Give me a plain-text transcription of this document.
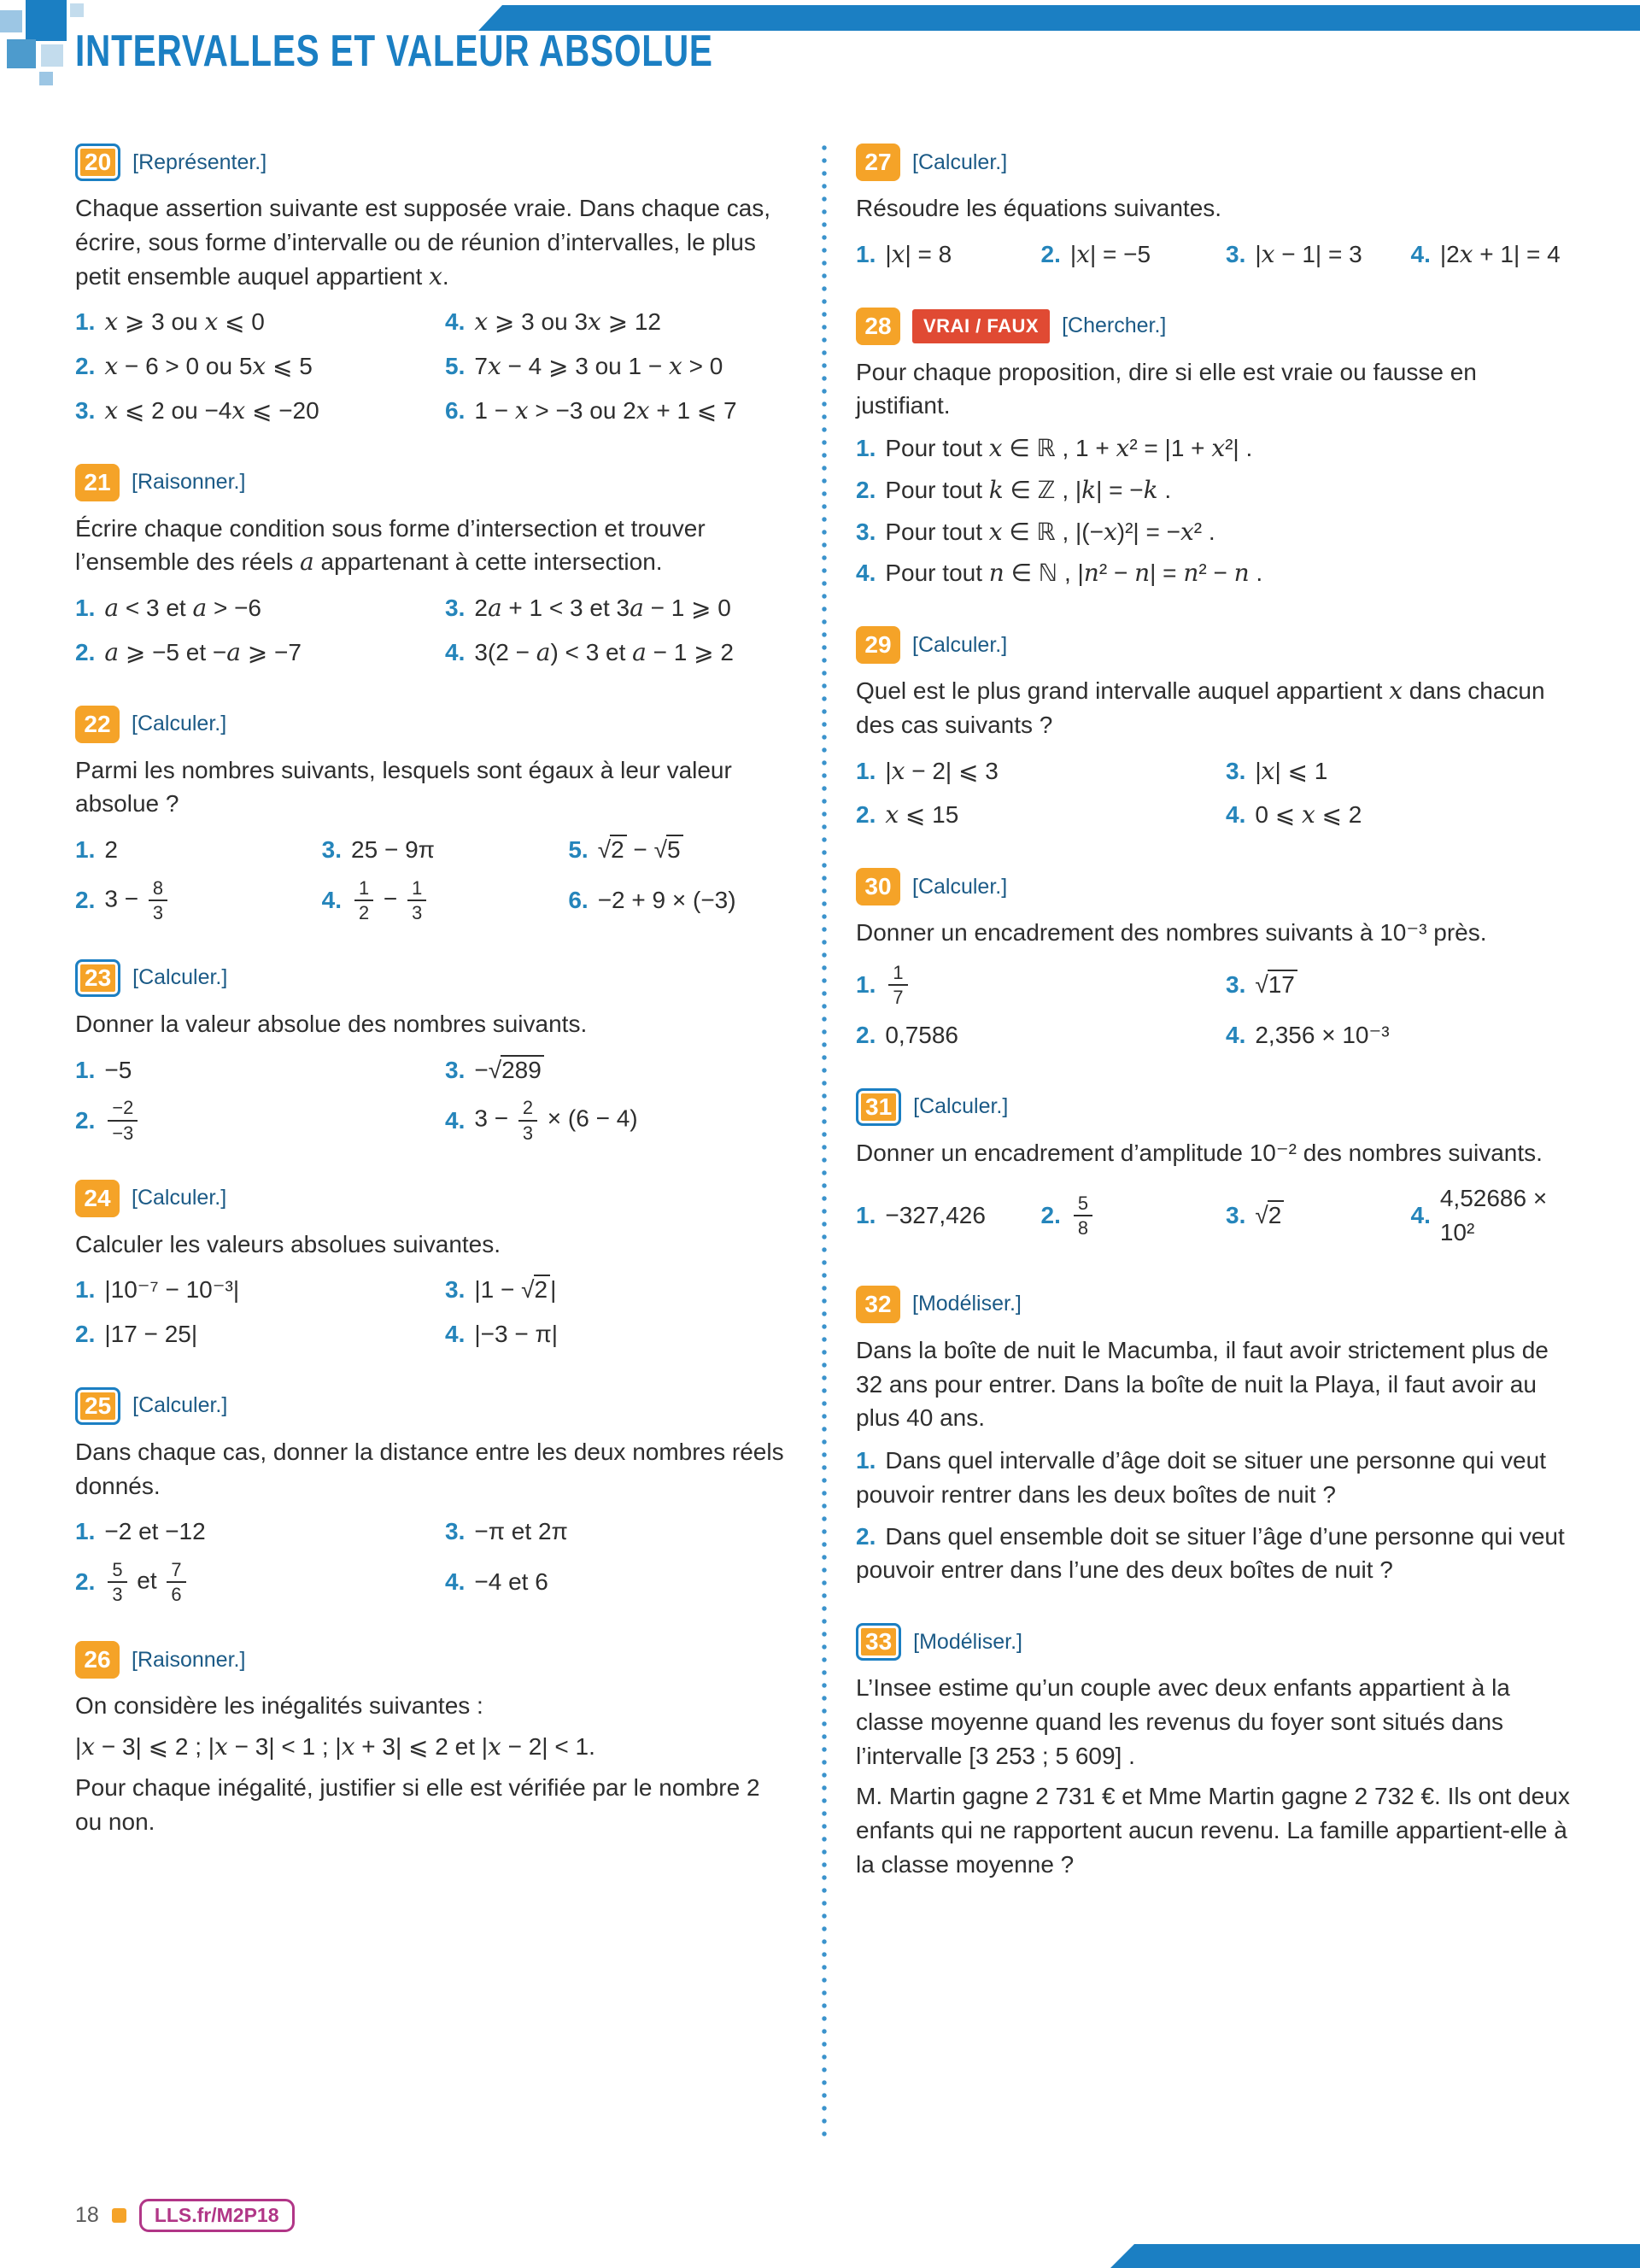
INTERVALLES ET VALEUR ABSOLUE
20	[Représenter.]

Chaque assertion suivante est supposée vraie. Dans chaque cas, écrire, sous forme d’intervalle ou de réunion d’intervalles, le plus petit ensemble auquel appartient x.

1. x ⩾ 3 ou x ⩽ 0
2. x − 6 > 0 ou 5x ⩽ 5
3. x ⩽ 2 ou −4x ⩽ −20
4. x ⩾ 3 ou 3x ⩾ 12
5. 7x − 4 ⩾ 3 ou 1 − x > 0
6. 1 − x > −3 ou 2x + 1 ⩽ 7
21 [Raisonner.]

Écrire chaque condition sous forme d’intersection et trouver l’ensemble des réels a appartenant à cette intersection.

1. a < 3 et a > −6
2. a ⩾ −5 et −a ⩾ −7
3. 2a + 1 < 3 et 3a − 1 ⩾ 0
4. 3(2 − a) < 3 et a − 1 ⩾ 2
22 [Calculer.]

Parmi les nombres suivants, lesquels sont égaux à leur valeur absolue ?

1. 2
2. $3 - \frac{8}{3}$
3. 25 − 9π
4. $\frac{1}{2} - \frac{1}{3}$
5. √2 − √5
6. −2 + 9 × (−3)
23	[Calculer.]

Donner la valeur absolue des nombres suivants.

1. −5
2. $\frac{-2}{-3}$
3. −√289
4. $3 - \frac{2}{3} \times (6 - 4)$
24 [Calculer.]

Calculer les valeurs absolues suivantes.

1. |10⁻⁷ − 10⁻³|
2. |17 − 25|
3. |1 − √2 |
4. |−3 − π|
25	[Calculer.]

Dans chaque cas, donner la distance entre les deux nombres réels donnés.

1. −2 et −12
2. $\frac{5}{3}$ et $\frac{7}{6}$
3. −π et 2π
4. −4 et 6
26 [Raisonner.]

On considère les inégalités suivantes :

|x − 3| ⩽ 2 ; |x − 3| < 1 ; |x + 3| ⩽ 2 et |x − 2| < 1.

Pour chaque inégalité, justifier si elle est vérifiée par le nombre 2 ou non.

27 [Calculer.]

Résoudre les équations suivantes.

1. |x| = 8	2. |x| = −5	3. |x − 1| = 3 4. |2x + 1| = 4
28	VRAI / FAUX	[Chercher.]

Pour chaque proposition, dire si elle est vraie ou fausse en justifiant.

1. Pour tout x ∈ ℝ , 1 + x² = |1 + x²| .

2. Pour tout k ∈ ℤ , |k| = −k .

3. Pour tout x ∈ ℝ , |(−x)²| = −x² .

4. Pour tout n ∈ ℕ , |n² − n| = n² − n .

29 [Calculer.]

Quel est le plus grand intervalle auquel appartient x dans chacun des cas suivants ?

1. |x − 2| ⩽ 3
2. x ⩽ 15
3. |x| ⩽ 1
4. 0 ⩽ x ⩽ 2
30 [Calculer.]

Donner un encadrement des nombres suivants à 10⁻³ près.

1. $\frac{1}{7}$
2. 0,7586
3. √17
4. 2,356 × 10⁻³
31	[Calculer.]

Donner un encadrement d’amplitude 10⁻² des nombres suivants.

1. −327,426 2. $\frac{5}{8}$	3. √2	4.
4,52686 × 10²
32 [Modéliser.]

Dans la boîte de nuit le Macumba, il faut avoir strictement plus de 32 ans pour entrer. Dans la boîte de nuit la Playa, il faut avoir au plus 40 ans.

1. Dans quel intervalle d’âge doit se situer une personne qui veut pouvoir rentrer dans les deux boîtes de nuit ?

2. Dans quel ensemble doit se situer l’âge d’une personne qui veut pouvoir entrer dans l’une des deux boîtes de nuit ?

33	[Modéliser.]

L’Insee estime qu’un couple avec deux enfants appartient à la classe moyenne quand les revenus du foyer sont situés dans l’intervalle [3 253 ; 5 609] .

M. Martin gagne 2 731 € et Mme Martin gagne 2 732 €. Ils ont deux enfants qui ne rapportent aucun revenu. La famille appartient-elle à la classe moyenne ?

18	LLS.fr/M2P18
